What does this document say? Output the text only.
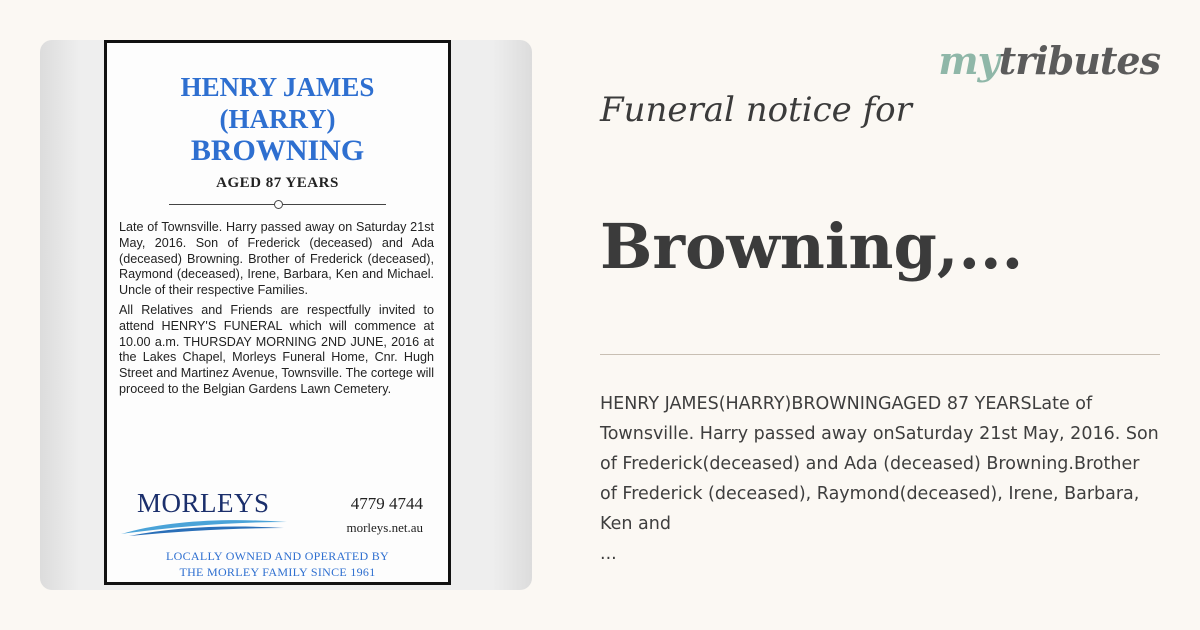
HENRY JAMES
(HARRY)
BROWNING
AGED 87 YEARS

Late of Townsville. Harry passed away on Saturday 21st May, 2016. Son of Frederick (deceased) and Ada (deceased) Browning. Brother of Frederick (deceased), Raymond (deceased), Irene, Barbara, Ken and Michael. Uncle of their respective Families.

All Relatives and Friends are respectfully invited to attend HENRY'S FUNERAL which will commence at 10.00 a.m. THURSDAY MORNING 2ND JUNE, 2016 at the Lakes Chapel, Morleys Funeral Home, Cnr. Hugh Street and Martinez Avenue, Townsville. The cortege will proceed to the Belgian Gardens Lawn Cemetery.

MORLEYS	4779 4744
morleys.net.au
LOCALLY OWNED AND OPERATED BY
THE MORLEY FAMILY SINCE 1961
mytributes
Funeral notice for
Browning,...
HENRY JAMES(HARRY)BROWNINGAGED 87 YEARSLate of Townsville. Harry passed away onSaturday 21st May, 2016. Son of Frederick(deceased) and Ada (deceased) Browning.Brother of Frederick (deceased), Raymond(deceased), Irene, Barbara, Ken and
...
